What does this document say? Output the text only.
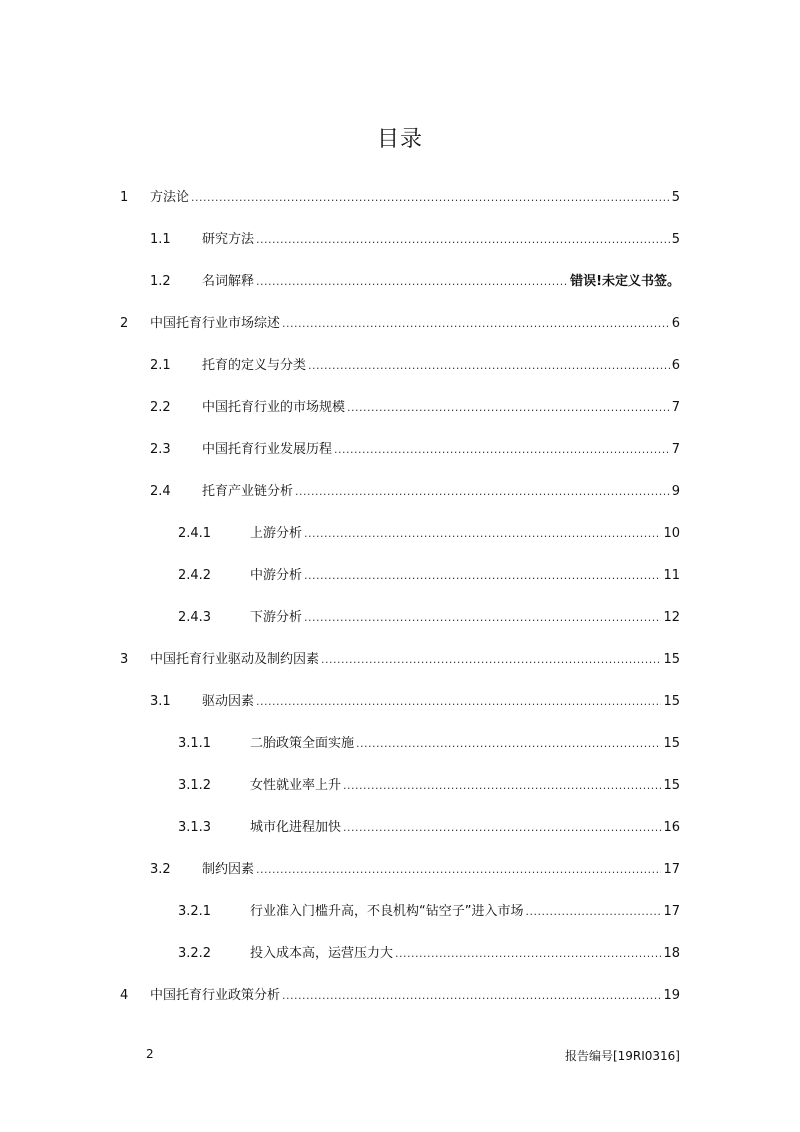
目录
1	方法论 .....	5
1.1	研究方法 .....	5
1.2	名词解释 .....	错误!未定义书签。
2	中国托育行业市场综述 .....	6
2.1	托育的定义与分类 .....	6
2.2	中国托育行业的市场规模 .....	7
2.3	中国托育行业发展历程 .....	7
2.4	托育产业链分析 .....	9
2.4.1	上游分析 .....	10
2.4.2	中游分析 .....	11
2.4.3	下游分析 .....	12
3	中国托育行业驱动及制约因素 .....	15
3.1	驱动因素 .....	15
3.1.1	二胎政策全面实施 .....	15
3.1.2	女性就业率上升 .....	15
3.1.3	城市化进程加快 .....	16
3.2	制约因素 .....	17
3.2.1	行业准入门槛升高，不良机构“钻空子”进入市场 .....	17
3.2.2	投入成本高，运营压力大 .....	18
4	中国托育行业政策分析 .....	19
2	报告编号[19RI0316]
